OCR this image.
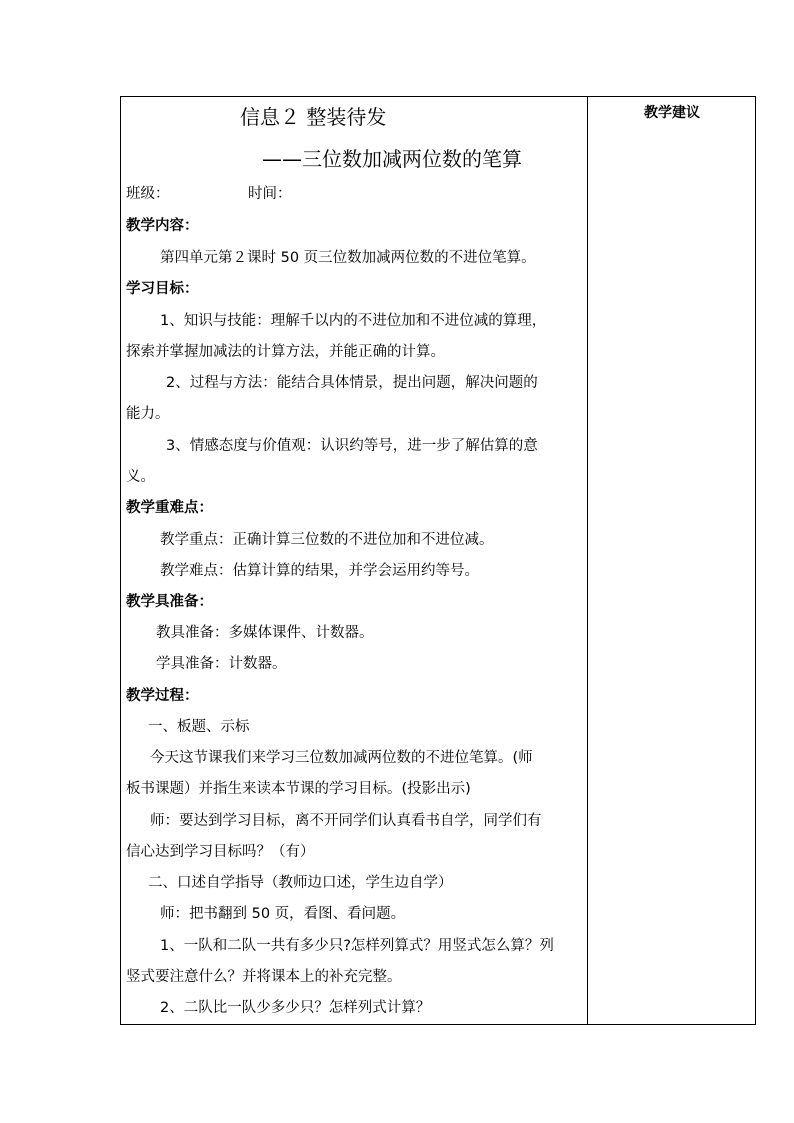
教学建议
信息２ 整装待发
——三位数加减两位数的笔算
班级：	时间：
教学内容：
第四单元第２课时 50 页三位数加减两位数的不进位笔算。
学习目标：
1、知识与技能：理解千以内的不进位加和不进位减的算理，
探索并掌握加减法的计算方法，并能正确的计算。
2、过程与方法：能结合具体情景，提出问题，解决问题的
能力。
3、情感态度与价值观：认识约等号，进一步了解估算的意
义。
教学重难点：
教学重点：正确计算三位数的不进位加和不进位减。
教学难点：估算计算的结果，并学会运用约等号。
教学具准备：
教具准备：多媒体课件、计数器。
学具准备：计数器。
教学过程：
一、板题、示标
今天这节课我们来学习三位数加减两位数的不进位笔算。(师
板书课题）并指生来读本节课的学习目标。(投影出示)
师：要达到学习目标，离不开同学们认真看书自学，同学们有
信心达到学习目标吗？（有）
二、口述自学指导（教师边口述，学生边自学）
师：把书翻到 50 页，看图、看问题。
1、一队和二队一共有多少只?怎样列算式？用竖式怎么算？列
竖式要注意什么？并将课本上的补充完整。
2、二队比一队少多少只？怎样列式计算？
